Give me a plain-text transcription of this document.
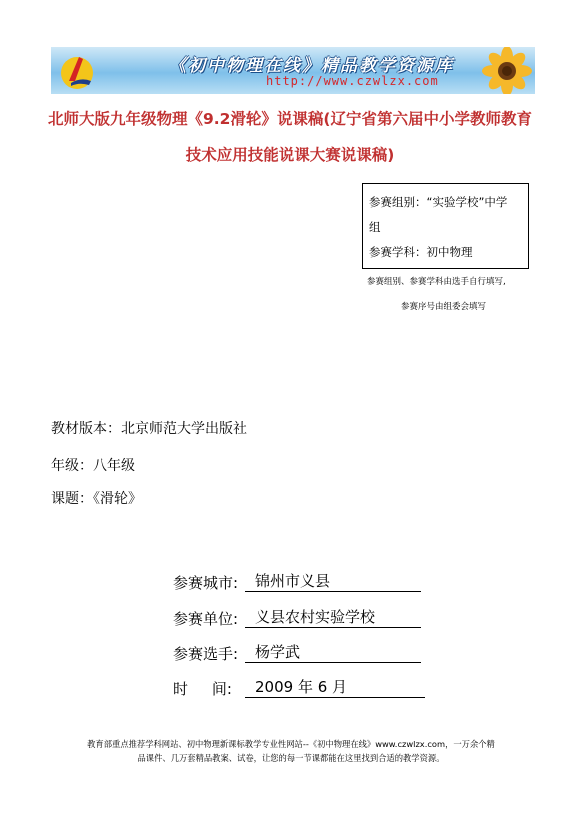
《初中物理在线》精品教学资源库
http://www.czwlzx.com
北师大版九年级物理《9.2滑轮》说课稿(辽宁省第六届中小学教师教育
技术应用技能说课大赛说课稿)
参赛组别：“实验学校”中学
组
参赛学科：初中物理
参赛组别、参赛学科由选手自行填写,
参赛序号由组委会填写
教材版本：北京师范大学出版社
年级：八年级
课题：《滑轮》
参赛城市:	锦州市义县
参赛单位:	义县农村实验学校
参赛选手:	杨学武
时     间:	2009 年 6 月
教育部重点推荐学科网站、初中物理新课标教学专业性网站--《初中物理在线》www.czwlzx.com，一万余个精
品课件、几万套精品教案、试卷，让您的每一节课都能在这里找到合适的教学资源。
